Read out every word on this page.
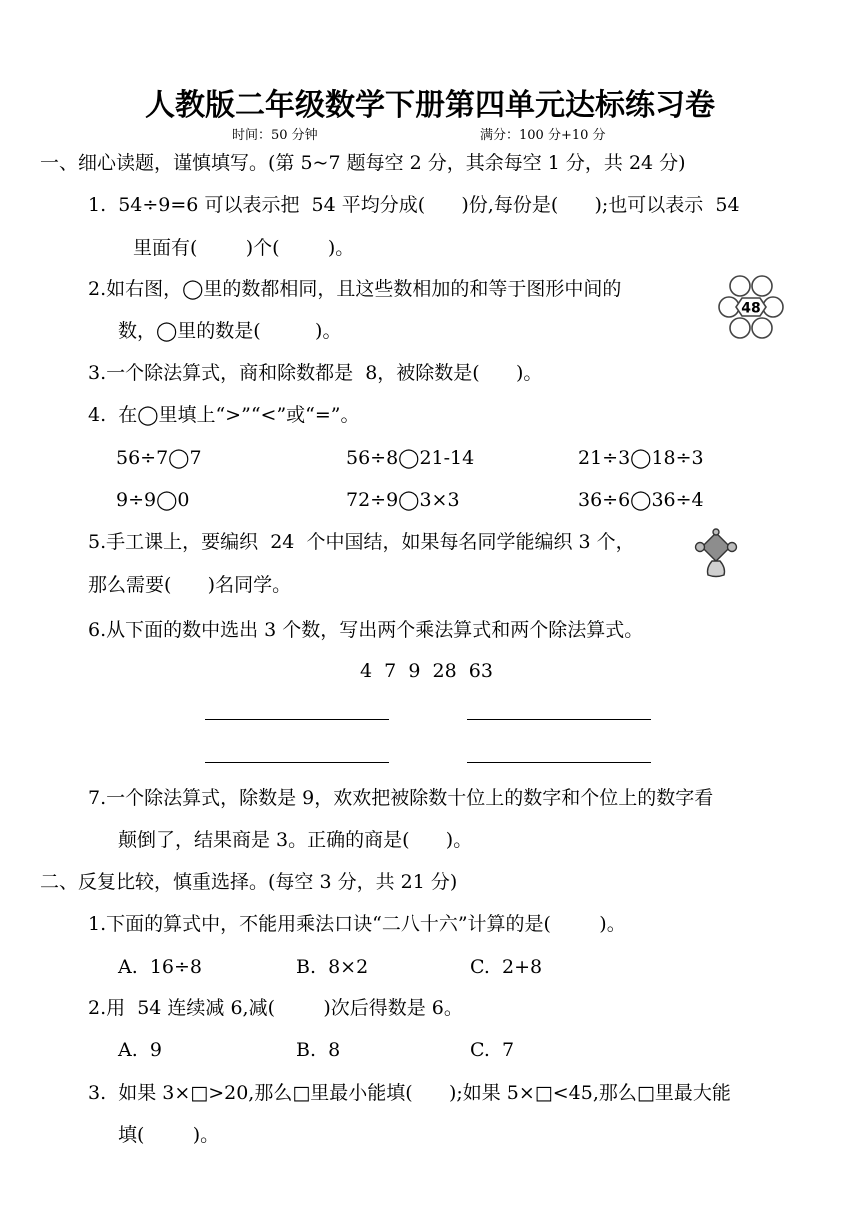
人教版二年级数学下册第四单元达标练习卷
时间：50 分钟	满分：100 分+10 分
一、细心读题，谨慎填写。(第 5~7 题每空 2 分，其余每空 1 分，共 24 分)
1.  54÷9=6 可以表示把  54 平均分成(      )份,每份是(      );也可以表示  54
里面有(        )个(        )。
2.如右图，◯里的数都相同，且这些数相加的和等于图形中间的
数，◯里的数是(         )。
48
3.一个除法算式，商和除数都是  8，被除数是(      )。
4.  在◯里填上“>”“<”或“=”。
56÷7◯7	56÷8◯21-14	21÷3◯18÷3
9÷9◯0	72÷9◯3×3	36÷6◯36÷4
5.手工课上，要编织  24  个中国结，如果每名同学能编织 3 个，
那么需要(      )名同学。
6.从下面的数中选出 3 个数，写出两个乘法算式和两个除法算式。
4  7  9  28  63
7.一个除法算式，除数是 9，欢欢把被除数十位上的数字和个位上的数字看
颠倒了，结果商是 3。正确的商是(      )。
二、反复比较，慎重选择。(每空 3 分，共 21 分)
1.下面的算式中，不能用乘法口诀“二八十六”计算的是(        )。
A.  16÷8	B.  8×2	C.  2+8
2.用  54 连续减 6,减(        )次后得数是 6。
A.  9	B.  8	C.  7
3.  如果 3×□>20,那么□里最小能填(      );如果 5×□<45,那么□里最大能
填(        )。
